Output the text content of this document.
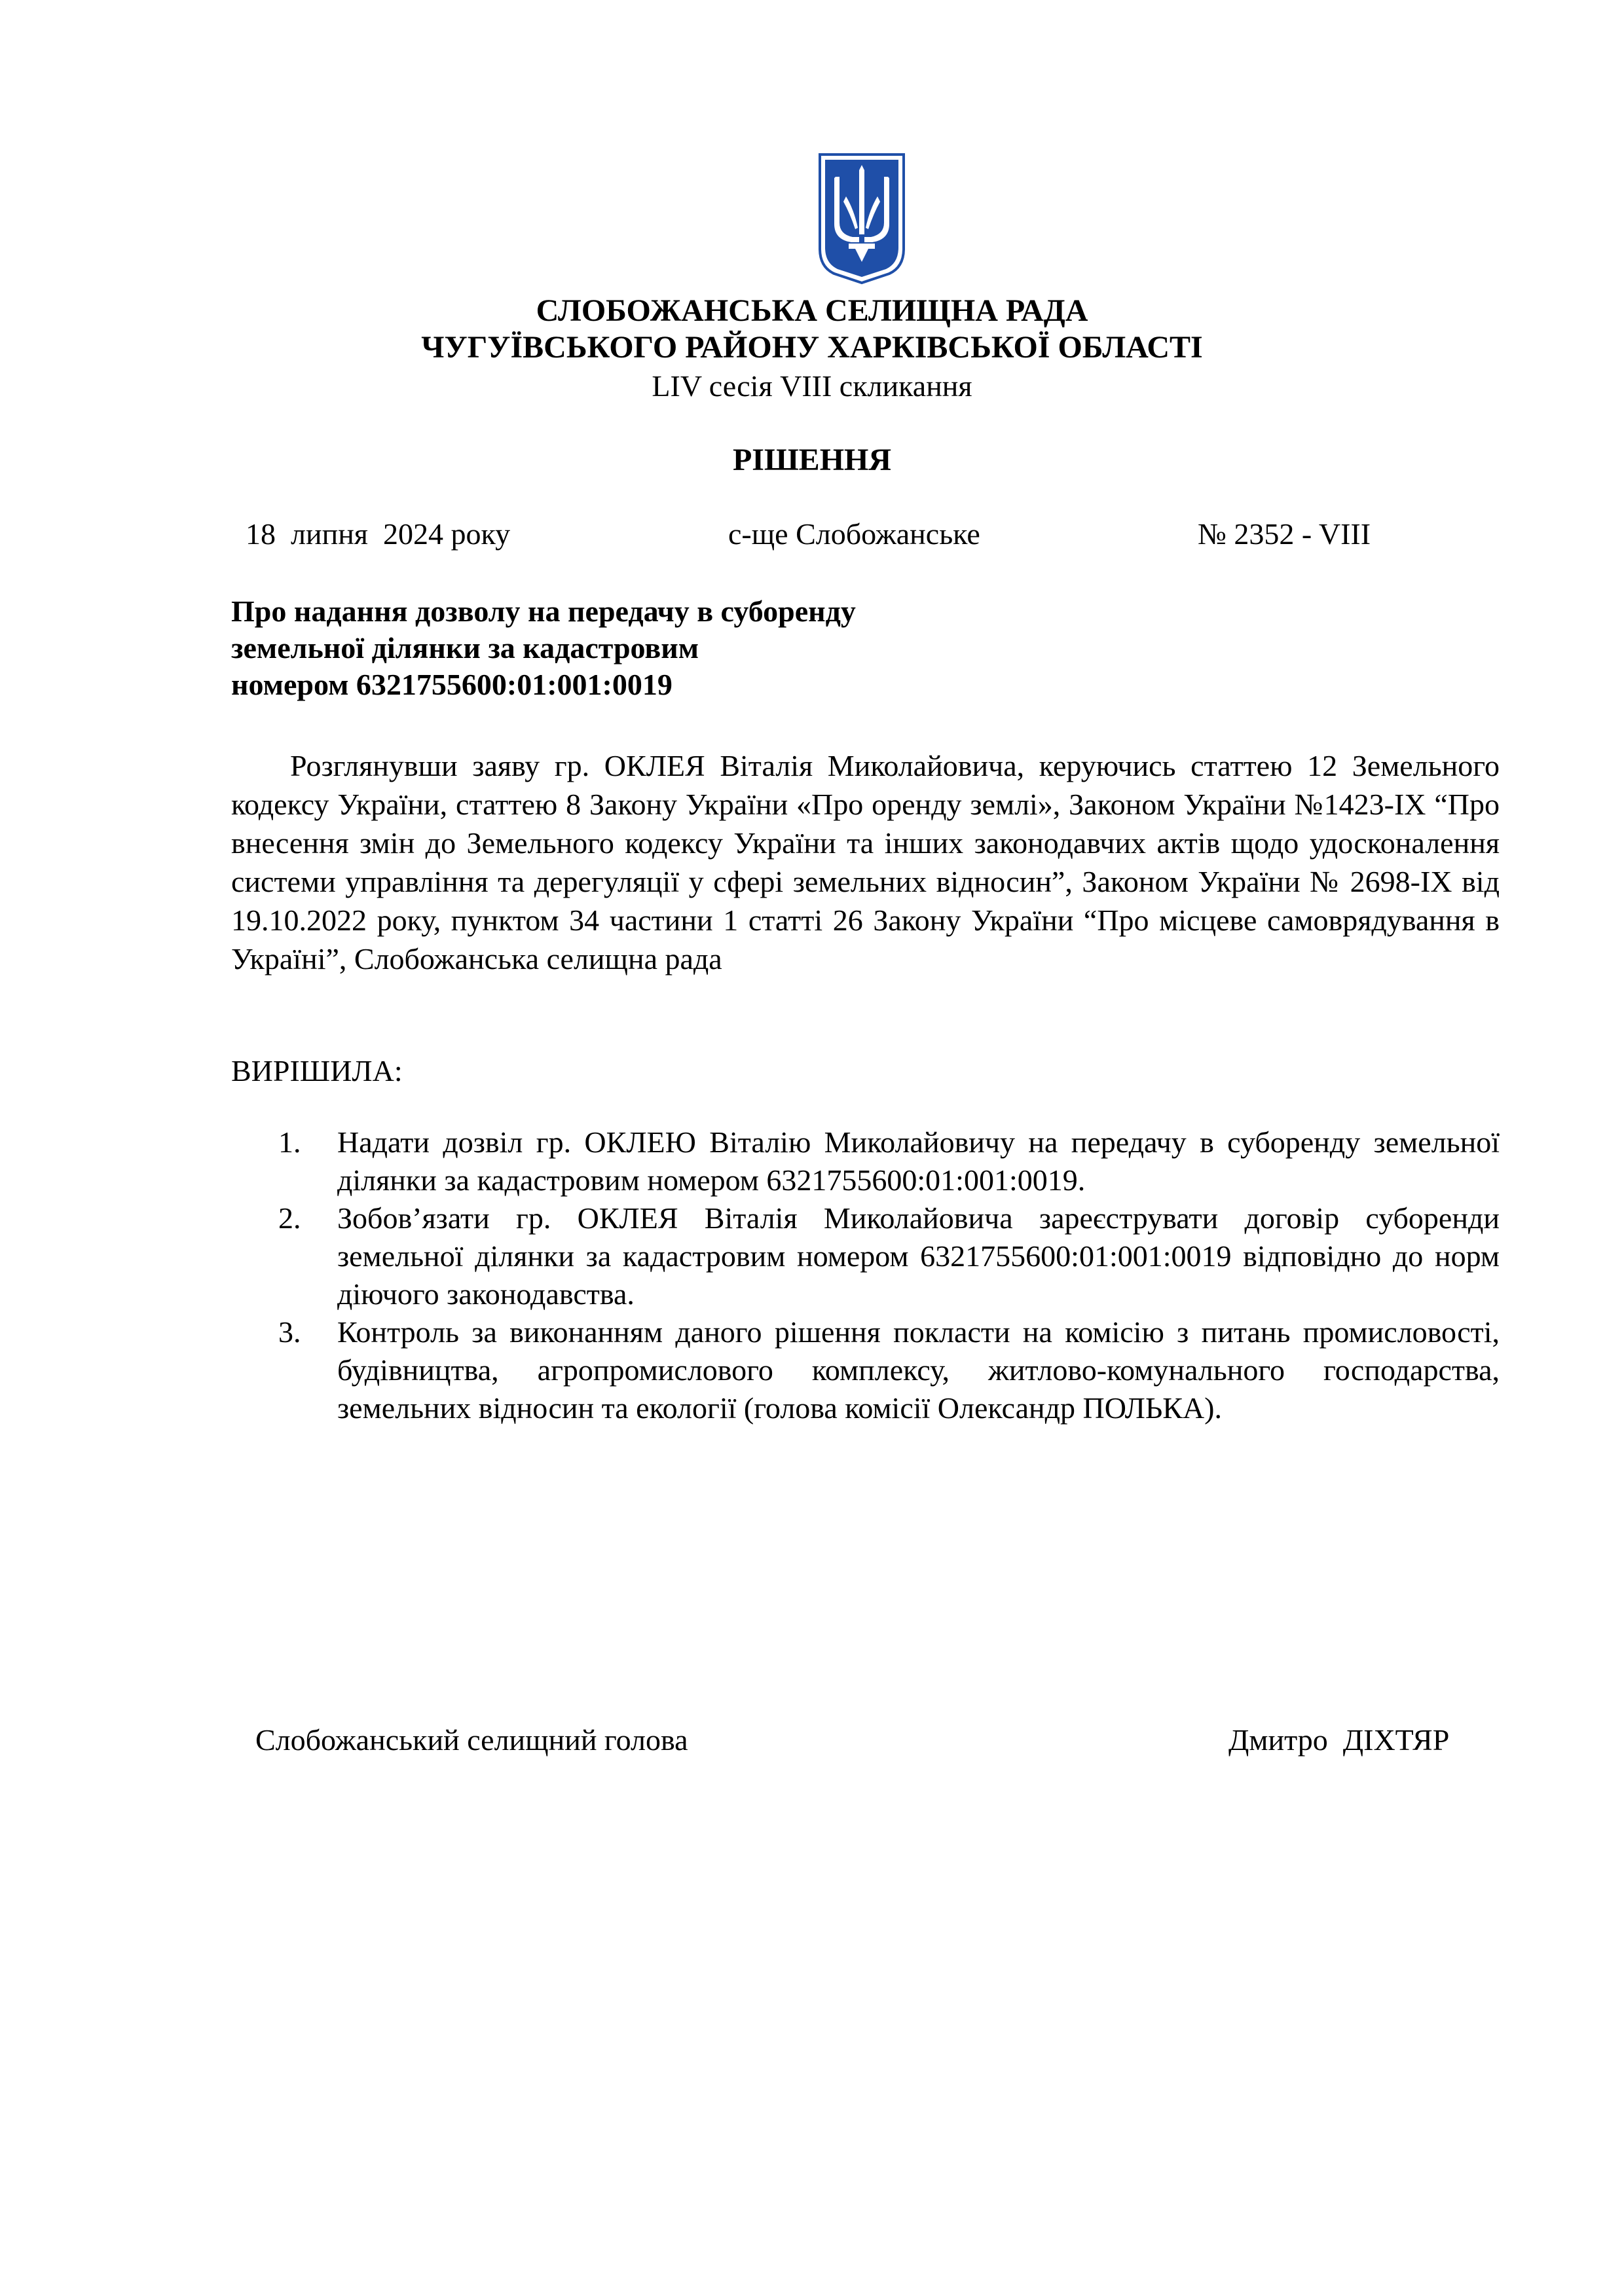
СЛОБОЖАНСЬКА СЕЛИЩНА РАДА
ЧУГУЇВСЬКОГО РАЙОНУ ХАРКІВСЬКОЇ ОБЛАСТІ
LIV сесія VIII скликання
РІШЕННЯ
18  липня  2024 року	с-ще Слобожанське	№ 2352 - VIII
Про надання дозволу на передачу в суборенду
земельної ділянки за кадастровим
номером 6321755600:01:001:0019

Розглянувши заяву гр. ОКЛЕЯ Віталія Миколайовича, керуючись статтею 12 Земельного кодексу України, статтею 8 Закону України «Про оренду землі», Законом України №1423-IX “Про внесення змін до Земельного кодексу України та інших законодавчих актів щодо удосконалення системи управління та дерегуляції у сфері земельних відносин”, Законом України № 2698-IX від 19.10.2022 року, пунктом 34 частини 1 статті 26 Закону України “Про місцеве самоврядування в Україні”, Слобожанська селищна рада

ВИРІШИЛА:
1. Надати дозвіл гр. ОКЛЕЮ Віталію Миколайовичу на передачу в суборенду земельної ділянки за кадастровим номером 6321755600:01:001:0019.
2. Зобов’язати гр. ОКЛЕЯ Віталія Миколайовича зареєструвати договір суборенди земельної ділянки за кадастровим номером 6321755600:01:001:0019 відповідно до норм діючого законодавства.
3. Контроль за виконанням даного рішення покласти на комісію з питань промисловості, будівництва, агропромислового комплексу, житлово-комунального господарства, земельних відносин та екології (голова комісії Олександр ПОЛЬКА).
Слобожанський селищний голова	Дмитро  ДІХТЯР
